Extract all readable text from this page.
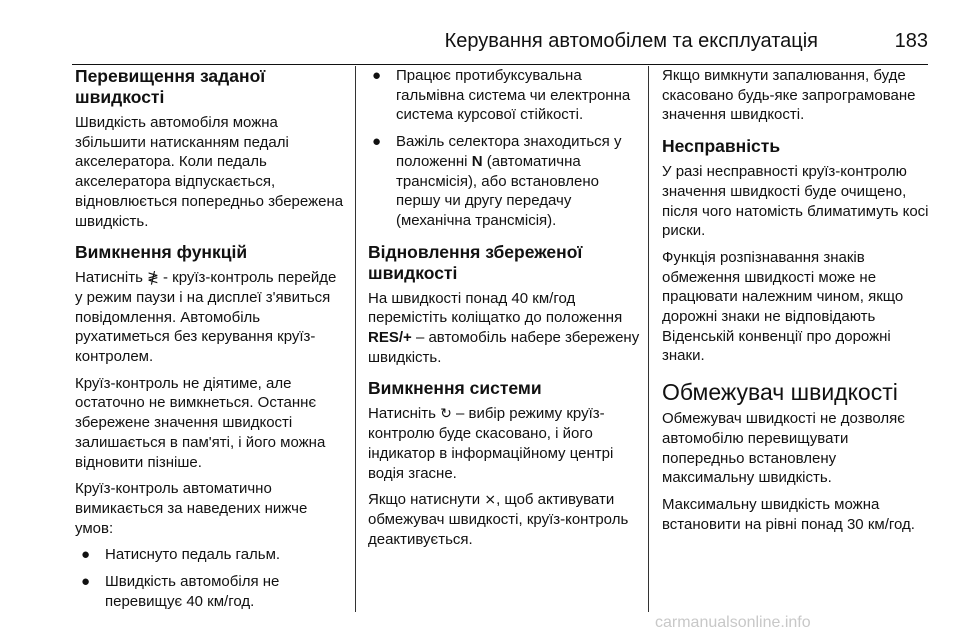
Керування автомобілем та експлуатація	183
Перевищення заданої швидкості

Швидкість автомобіля можна збільшити натисканням педалі акселератора. Коли педаль акселератора відпускається, відновлюється попередньо збережена швидкість.

Вимкнення функцій

Натисніть ≹ - круїз-контроль перейде у режим паузи і на дисплеї з'явиться повідомлення. Автомобіль рухатиметься без керування круїз-контролем.

Круїз-контроль не діятиме, але остаточно не вимкнеться. Останнє збережене значення швидкості залишається в пам'яті, і його можна відновити пізніше.

Круїз-контроль автоматично вимикається за наведених нижче умов:

● Натиснуто педаль гальм.
● Швидкість автомобіля не перевищує 40 км/год.
● Працює протибуксувальна гальмівна система чи електронна система курсової стійкості.
● Важіль селектора знаходиться у положенні N (автоматична трансмісія), або встановлено першу чи другу передачу (механічна трансмісія).
Відновлення збереженої швидкості

На швидкості понад 40 км/год перемістіть коліщатко до положення RES/+ – автомобіль набере збережену швидкість.

Вимкнення системи

Натисніть ↻ – вибір режиму круїз-контролю буде скасовано, і його індикатор в інформаційному центрі водія згасне.

Якщо натиснути ⨯, щоб активувати обмежувач швидкості, круїз-контроль деактивується.

Якщо вимкнути запалювання, буде скасовано будь-яке запрограмоване значення швидкості.

Несправність

У разі несправності круїз-контролю значення швидкості буде очищено, після чого натомість блиматимуть косі риски.

Функція розпізнавання знаків обмеження швидкості може не працювати належним чином, якщо дорожні знаки не відповідають Віденській конвенції про дорожні знаки.

Обмежувач швидкості

Обмежувач швидкості не дозволяє автомобілю перевищувати попередньо встановлену максимальну швидкість.

Максимальну швидкість можна встановити на рівні понад 30 км/год.

carmanualsonline.info
